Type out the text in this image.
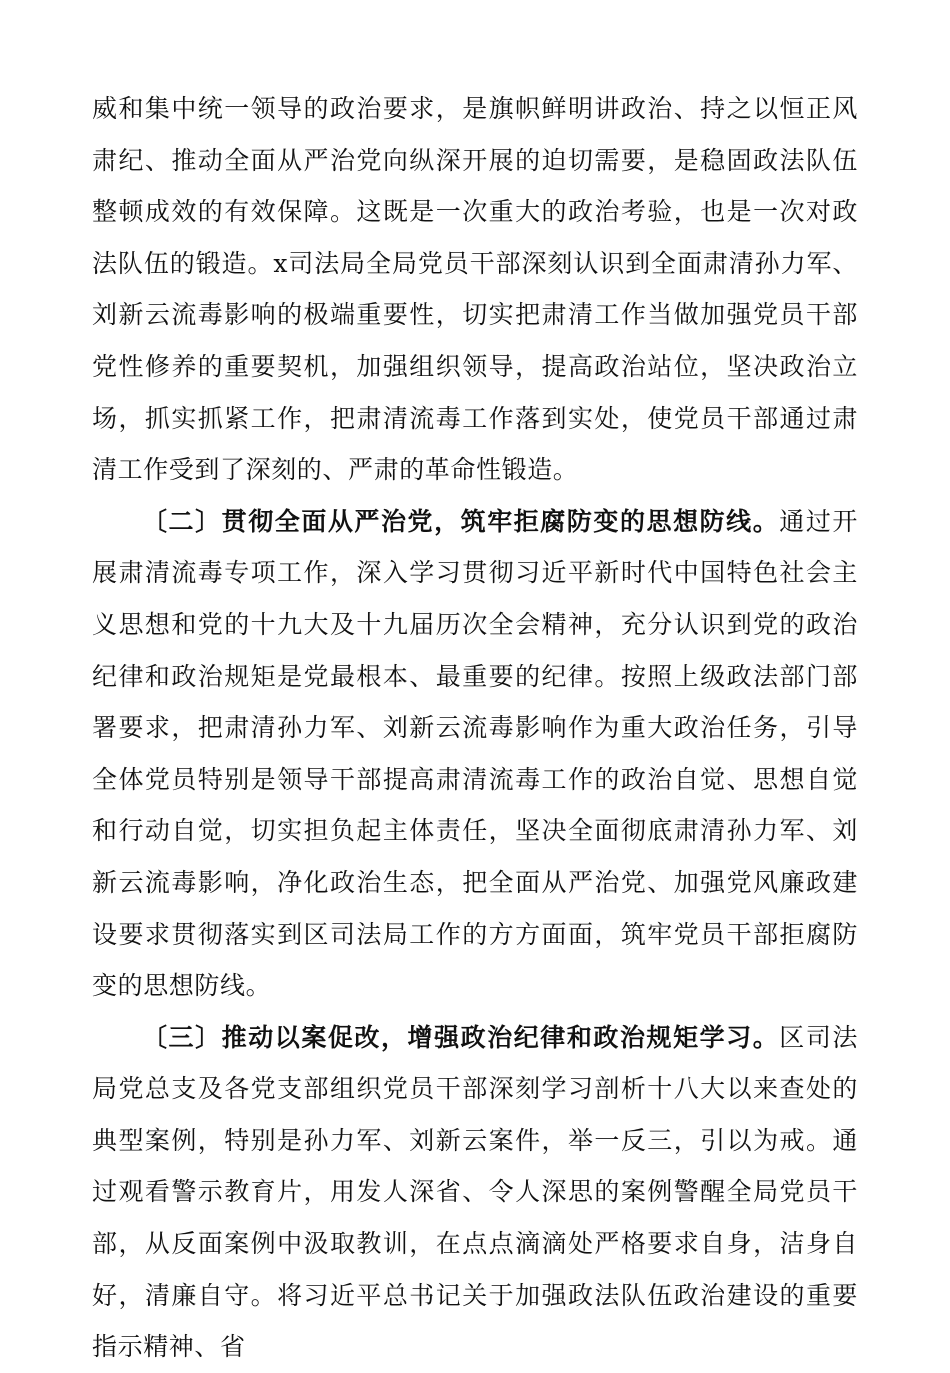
威和集中统一领导的政治要求，是旗帜鲜明讲政治、持之以恒正风肃纪、推动全面从严治党向纵深开展的迫切需要，是稳固政法队伍整顿成效的有效保障。这既是一次重大的政治考验，也是一次对政法队伍的锻造。x司法局全局党员干部深刻认识到全面肃清孙力军、刘新云流毒影响的极端重要性，切实把肃清工作当做加强党员干部党性修养的重要契机，加强组织领导，提高政治站位，坚决政治立场，抓实抓紧工作，把肃清流毒工作落到实处，使党员干部通过肃清工作受到了深刻的、严肃的革命性锻造。

〔二〕贯彻全面从严治党，筑牢拒腐防变的思想防线。通过开展肃清流毒专项工作，深入学习贯彻习近平新时代中国特色社会主义思想和党的十九大及十九届历次全会精神，充分认识到党的政治纪律和政治规矩是党最根本、最重要的纪律。按照上级政法部门部署要求，把肃清孙力军、刘新云流毒影响作为重大政治任务，引导全体党员特别是领导干部提高肃清流毒工作的政治自觉、思想自觉和行动自觉，切实担负起主体责任，坚决全面彻底肃清孙力军、刘新云流毒影响，净化政治生态，把全面从严治党、加强党风廉政建设要求贯彻落实到区司法局工作的方方面面，筑牢党员干部拒腐防变的思想防线。

〔三〕推动以案促改，增强政治纪律和政治规矩学习。区司法局党总支及各党支部组织党员干部深刻学习剖析十八大以来查处的典型案例，特别是孙力军、刘新云案件，举一反三，引以为戒。通过观看警示教育片，用发人深省、令人深思的案例警醒全局党员干部，从反面案例中汲取教训，在点点滴滴处严格要求自身，洁身自好，清廉自守。将习近平总书记关于加强政法队伍政治建设的重要指示精神、省
